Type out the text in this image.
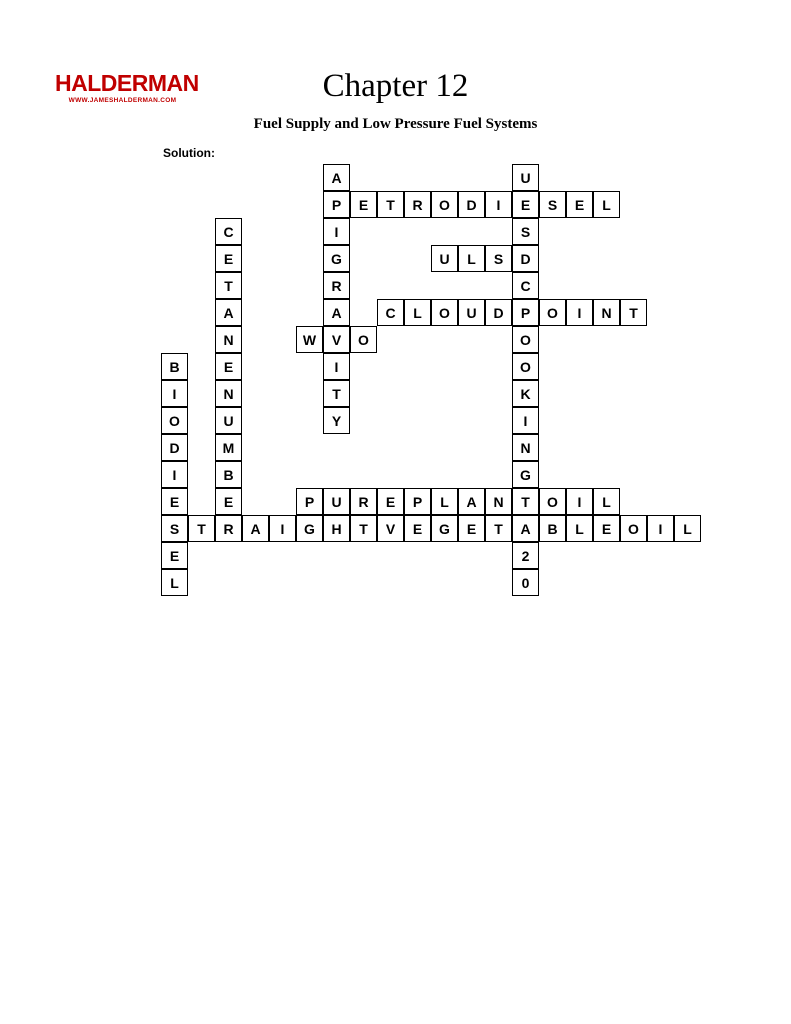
HALDERMAN
WWW.JAMESHALDERMAN.COM	Chapter 12
Fuel Supply and Low Pressure Fuel Systems
Solution:
A	U
P	E	T	R	O	D	I	E	S	E	L
C	I	S
E	G	U	L	S	D
T	R	C
A	A	C	L	O	U	D	P	O	I	N	T
N	W	V	O	O
B	E	I	O
I	N	T	K
O	U	Y	I
D	M	N
I	B	G
E	E	P	U	R	E	P	L	A	N	T	O	I	L
S	T	R	A	I	G	H	T	V	E	G	E	T	A	B	L	E	O	I	L
E	2
L	0
